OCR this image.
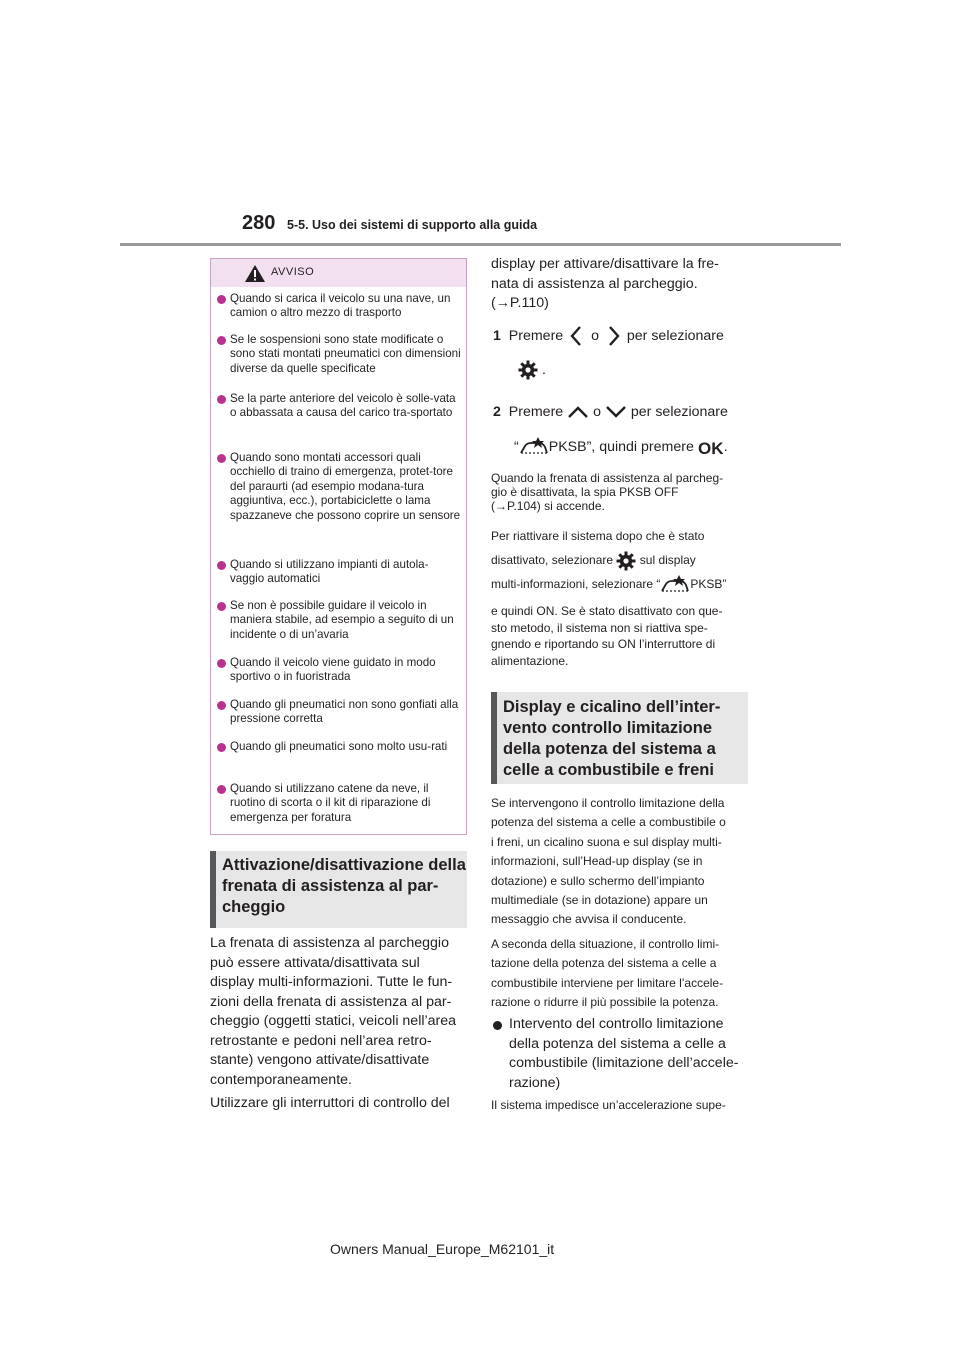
280 5-5. Uso dei sistemi di supporto alla guida
AVVISO
Quando si carica il veicolo su una nave, un camion o altro mezzo di trasporto
Se le sospensioni sono state modificate o sono stati montati pneumatici con dimensioni diverse da quelle specificate
Se la parte anteriore del veicolo è solle-vata o abbassata a causa del carico tra-sportato
Quando sono montati accessori quali occhiello di traino di emergenza, protet-tore del paraurti (ad esempio modana-tura aggiuntiva, ecc.), portabiciclette o lama spazzaneve che possono coprire un sensore
Quando si utilizzano impianti di autola-vaggio automatici
Se non è possibile guidare il veicolo in maniera stabile, ad esempio a seguito di un incidente o di un’avaria
Quando il veicolo viene guidato in modo sportivo o in fuoristrada
Quando gli pneumatici non sono gonfiati alla pressione corretta
Quando gli pneumatici sono molto usu-rati
Quando si utilizzano catene da neve, il ruotino di scorta o il kit di riparazione di emergenza per foratura
Attivazione/disattivazione della
frenata di assistenza al par-
cheggio
La frenata di assistenza al parcheggio
può essere attivata/disattivata sul
display multi-informazioni. Tutte le fun-
zioni della frenata di assistenza al par-
cheggio (oggetti statici, veicoli nell’area
retrostante e pedoni nell’area retro-
stante) vengono attivate/disattivate
contemporaneamente.
Utilizzare gli interruttori di controllo del
display per attivare/disattivare la fre-
nata di assistenza al parcheggio.
(→P.110)
1 Premere o per selezionare
.
2 Premere o per selezionare
“ PKSB”, quindi premere OK .
Quando la frenata di assistenza al parcheg-
gio è disattivata, la spia PKSB OFF
(→P.104) si accende.
Per riattivare il sistema dopo che è stato
disattivato, selezionare sul display
multi-informazioni, selezionare “	PKSB”
e quindi ON. Se è stato disattivato con que-
sto metodo, il sistema non si riattiva spe-
gnendo e riportando su ON l’interruttore di
alimentazione.
Display e cicalino dell’inter-
vento controllo limitazione
della potenza del sistema a
celle a combustibile e freni
Se intervengono il controllo limitazione della
potenza del sistema a celle a combustibile o
i freni, un cicalino suona e sul display multi-
informazioni, sull’Head-up display (se in
dotazione) e sullo schermo dell’impianto
multimediale (se in dotazione) appare un
messaggio che avvisa il conducente.
A seconda della situazione, il controllo limi-
tazione della potenza del sistema a celle a
combustibile interviene per limitare l’accele-
razione o ridurre il più possibile la potenza.
Intervento del controllo limitazione
della potenza del sistema a celle a
combustibile (limitazione dell’accele-
razione)
Il sistema impedisce un’accelerazione supe-
Owners Manual_Europe_M62101_it
